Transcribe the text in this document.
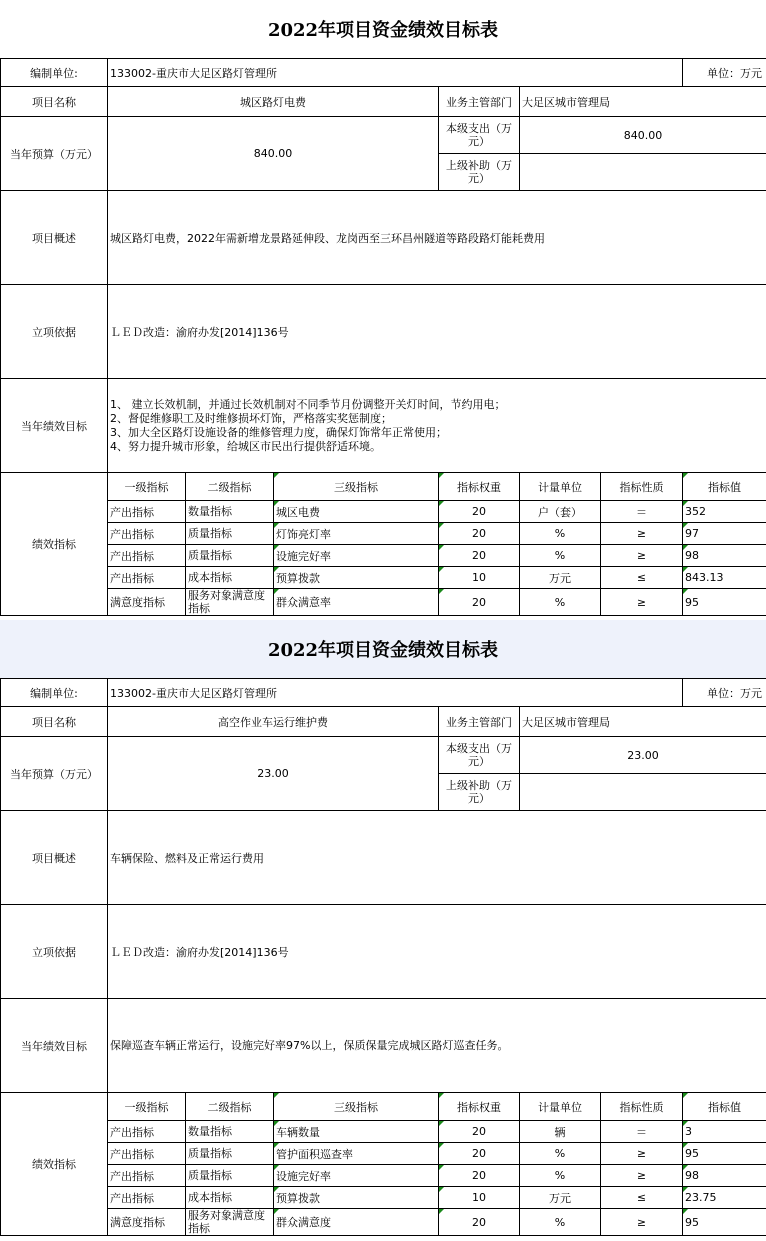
2022年项目资金绩效目标表
编制单位:	133002-重庆市大足区路灯管理所						单位：万元
项目名称	城区路灯电费			业务主管部门	大足区城市管理局		
当年预算（万元）	840.00			本级支出（万元）	840.00		
				上级补助（万元）			
项目概述	城区路灯电费，2022年需新增龙景路延伸段、龙岗西至三环昌州隧道等路段路灯能耗费用						
立项依据	ＬＥＤ改造：渝府办发[2014]136号						
当年绩效目标	1、 建立长效机制，并通过长效机制对不同季节月份调整开关灯时间，节约用电；
2、督促维修职工及时维修损坏灯饰，严格落实奖惩制度；
3、加大全区路灯设施设备的维修管理力度，确保灯饰常年正常使用；
4、努力提升城市形象，给城区市民出行提供舒适环境。						
绩效指标	一级指标	二级指标	三级指标	指标权重	计量单位	指标性质	指标值
	产出指标	数量指标	城区电费	20	户（套）	＝	352
	产出指标	质量指标	灯饰亮灯率	20	%	≥	97
	产出指标	质量指标	设施完好率	20	%	≥	98
	产出指标	成本指标	预算拨款	10	万元	≤	843.13
	满意度指标	服务对象满意度指标	群众满意率	20	%	≥	95
2022年项目资金绩效目标表
编制单位:	133002-重庆市大足区路灯管理所						单位：万元
项目名称	高空作业车运行维护费			业务主管部门	大足区城市管理局		
当年预算（万元）	23.00			本级支出（万元）	23.00		
				上级补助（万元）			
项目概述	车辆保险、燃料及正常运行费用						
立项依据	ＬＥＤ改造：渝府办发[2014]136号						
当年绩效目标	保障巡查车辆正常运行，设施完好率97%以上，保质保量完成城区路灯巡查任务。						
绩效指标	一级指标	二级指标	三级指标	指标权重	计量单位	指标性质	指标值
	产出指标	数量指标	车辆数量	20	辆	＝	3
	产出指标	质量指标	管护面积巡查率	20	%	≥	95
	产出指标	质量指标	设施完好率	20	%	≥	98
	产出指标	成本指标	预算拨款	10	万元	≤	23.75
	满意度指标	服务对象满意度指标	群众满意度	20	%	≥	95
